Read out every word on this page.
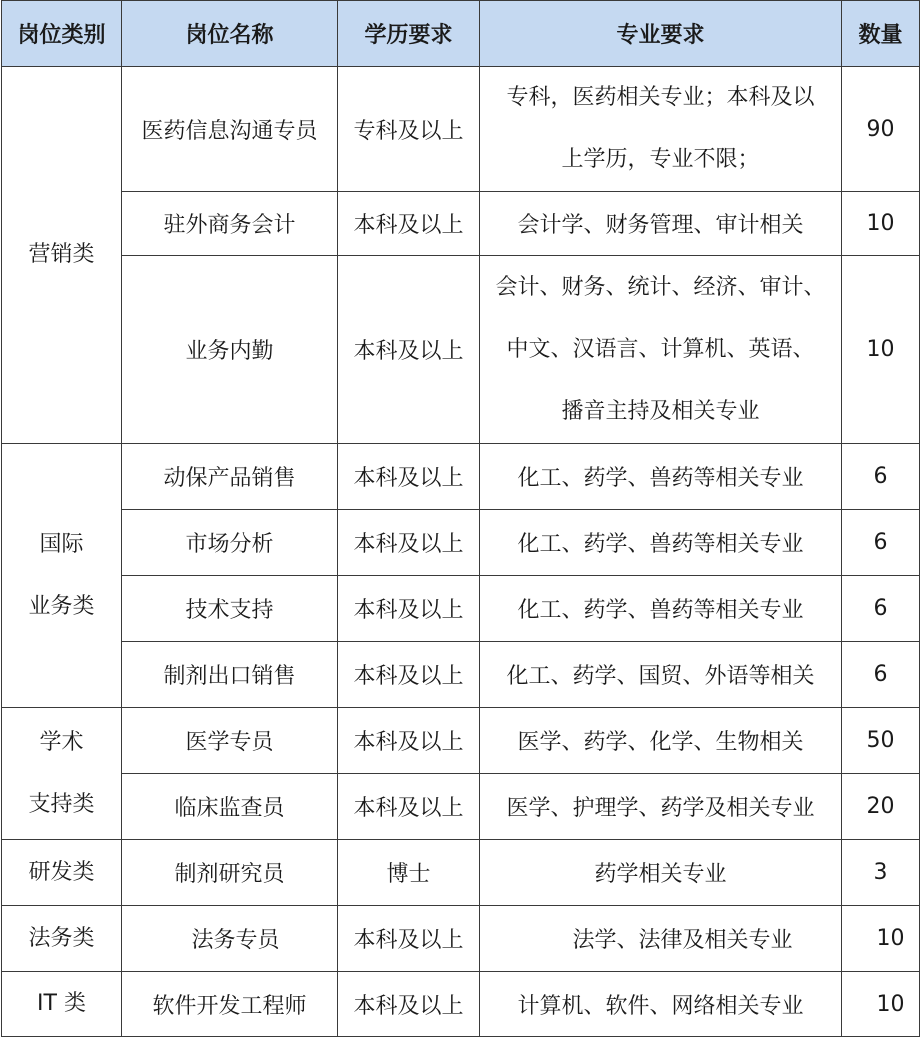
岗位类别	岗位名称	学历要求	专业要求	数量
营销类	医药信息沟通专员	专科及以上	专科，医药相关专业；本科及以
上学历，专业不限；	90
	驻外商务会计	本科及以上	会计学、财务管理、审计相关	10
	业务内勤	本科及以上	会计、财务、统计、经济、审计、
中文、汉语言、计算机、英语、
播音主持及相关专业	10
国际
业务类	动保产品销售	本科及以上	化工、药学、兽药等相关专业	6
	市场分析	本科及以上	化工、药学、兽药等相关专业	6
	技术支持	本科及以上	化工、药学、兽药等相关专业	6
	制剂出口销售	本科及以上	化工、药学、国贸、外语等相关	6
学术
支持类	医学专员	本科及以上	医学、药学、化学、生物相关	50
	临床监查员	本科及以上	医学、护理学、药学及相关专业	20
研发类	制剂研究员	博士	药学相关专业	3
法务类	法务专员	本科及以上	法学、法律及相关专业	10
IT 类	软件开发工程师	本科及以上	计算机、软件、网络相关专业	10
